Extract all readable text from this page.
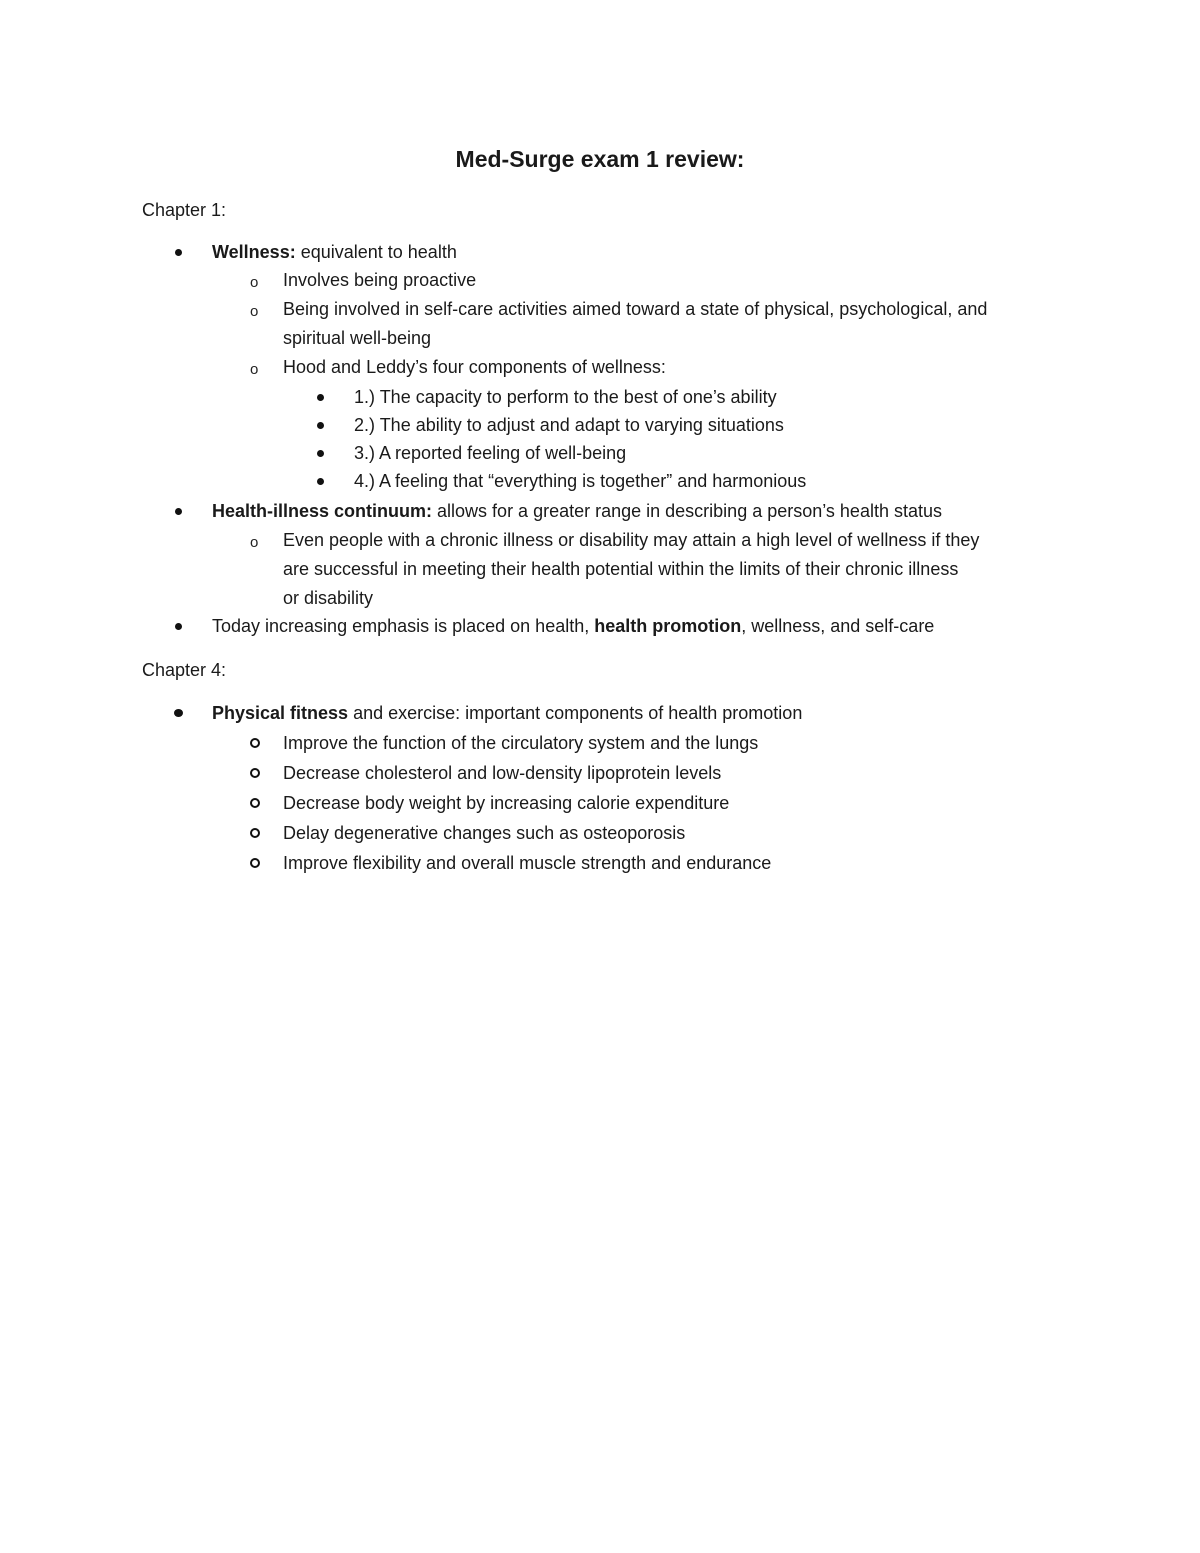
Med-Surge exam 1 review:

Chapter 1:

Wellness: equivalent to health

o Involves being proactive

o Being involved in self-care activities aimed toward a state of physical, psychological, and

spiritual well-being

o Hood and Leddy’s four components of wellness:

1.) The capacity to perform to the best of one’s ability

2.) The ability to adjust and adapt to varying situations

3.) A reported feeling of well-being

4.) A feeling that “everything is together” and harmonious

Health-illness continuum: allows for a greater range in describing a person’s health status

o Even people with a chronic illness or disability may attain a high level of wellness if they

are successful in meeting their health potential within the limits of their chronic illness

or disability

Today increasing emphasis is placed on health, health promotion, wellness, and self-care

Chapter 4:

Physical fitness and exercise: important components of health promotion

Improve the function of the circulatory system and the lungs

Decrease cholesterol and low-density lipoprotein levels

Decrease body weight by increasing calorie expenditure

Delay degenerative changes such as osteoporosis

Improve flexibility and overall muscle strength and endurance
